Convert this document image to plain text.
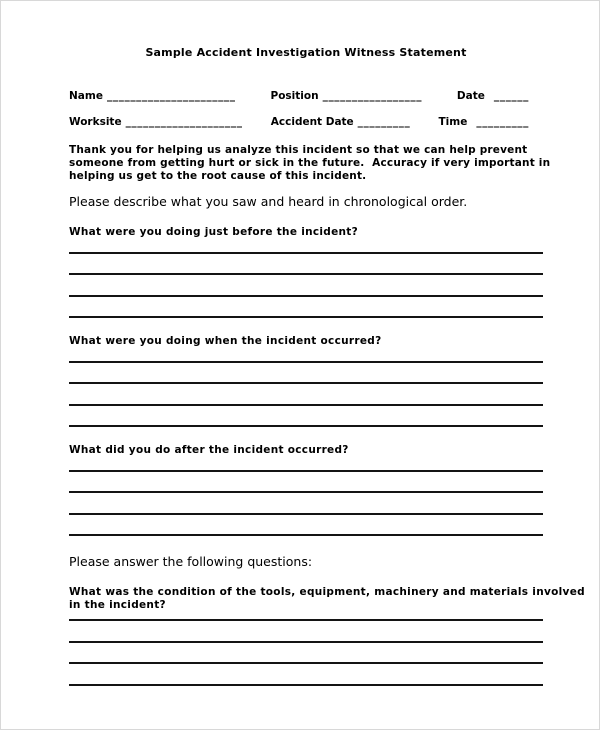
Sample Accident Investigation Witness Statement
Name ______________________	Position _________________	Date ______
Worksite ____________________	Accident Date _________	Time _________
Thank you for helping us analyze this incident so that we can help prevent
someone from getting hurt or sick in the future.  Accuracy if very important in
helping us get to the root cause of this incident.

Please describe what you saw and heard in chronological order.

What were you doing just before the incident?

What were you doing when the incident occurred?

What did you do after the incident occurred?

Please answer the following questions:

What was the condition of the tools, equipment, machinery and materials involved
in the incident?
